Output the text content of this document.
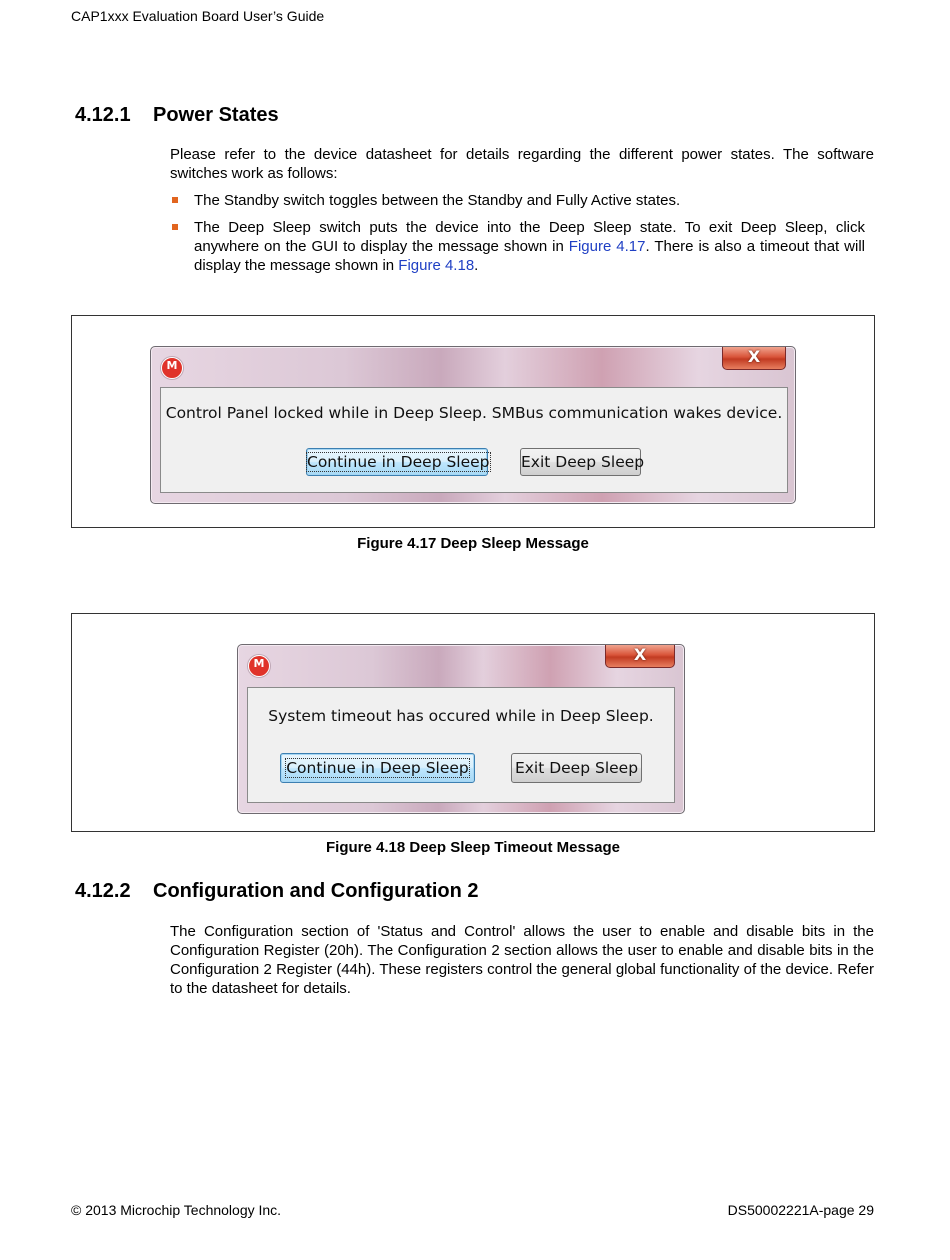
CAP1xxx Evaluation Board User’s Guide
4.12.1 Power States
Please refer to the device datasheet for details regarding the different power states. The software switches work as follows:
The Standby switch toggles between the Standby and Fully Active states.
The Deep Sleep switch puts the device into the Deep Sleep state. To exit Deep Sleep, click anywhere on the GUI to display the message shown in Figure 4.17. There is also a timeout that will display the message shown in Figure 4.18.
M	X
Control Panel locked while in Deep Sleep. SMBus communication wakes device.
Continue in Deep Sleep Exit Deep Sleep
Figure 4.17 Deep Sleep Message
M	X
System timeout has occured while in Deep Sleep.
Continue in Deep Sleep	Exit Deep Sleep
Figure 4.18 Deep Sleep Timeout Message
4.12.2 Configuration and Configuration 2
The Configuration section of 'Status and Control' allows the user to enable and disable bits in the Configuration Register (20h). The Configuration 2 section allows the user to enable and disable bits in the Configuration 2 Register (44h). These registers control the general global functionality of the device. Refer to the datasheet for details.
© 2013 Microchip Technology Inc.	DS50002221A-page 29
